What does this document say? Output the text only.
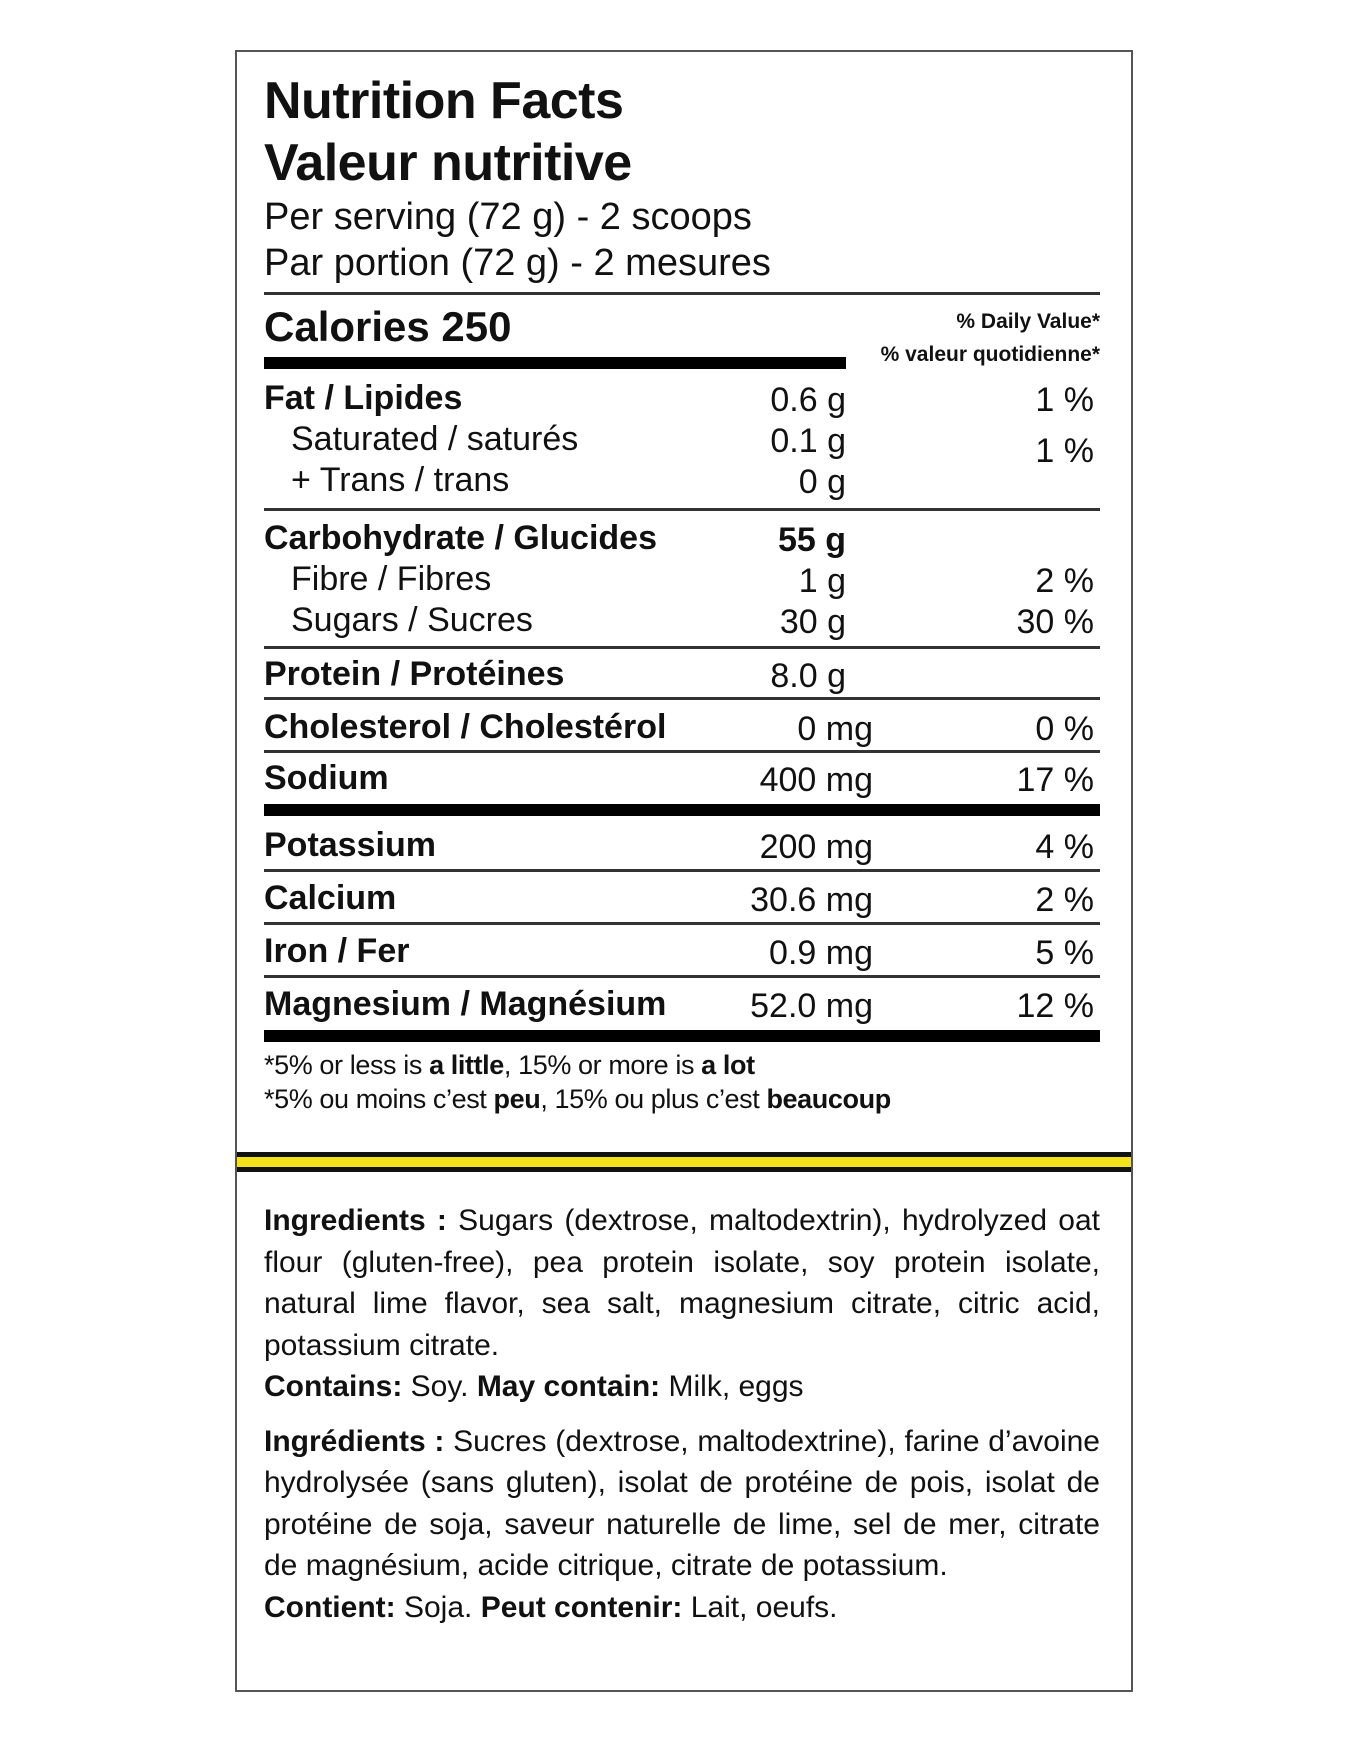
Nutrition Facts
Valeur nutritive
Per serving (72 g) - 2 scoops
Par portion (72 g) - 2 mesures
Calories 250	% Daily Value*
% valeur quotidienne*
Fat / Lipides	0.6 g	1 %
Saturated / saturés	0.1 g	1 %
+ Trans / trans	0 g
Carbohydrate / Glucides	55 g
Fibre / Fibres	1 g	2 %
Sugars / Sucres	30 g	30 %
Protein / Protéines	8.0 g
Cholesterol / Cholestérol	0 mg	0 %
Sodium	400 mg	17 %
Potassium	200 mg	4 %
Calcium	30.6 mg	2 %
Iron / Fer	0.9 mg	5 %
Magnesium / Magnésium 52.0 mg	12 %
*5% or less is a little, 15% or more is a lot
*5% ou moins c’est peu, 15% ou plus c’est beaucoup

Ingredients : Sugars (dextrose, maltodextrin), hydrolyzed oat flour (gluten-free), pea protein isolate, soy protein isolate, natural lime flavor, sea salt, magnesium citrate, citric acid, potassium citrate.

Contains: Soy. May contain: Milk, eggs

Ingrédients : Sucres (dextrose, maltodextrine), farine d’avoine hydrolysée (sans gluten), isolat de protéine de pois, isolat de protéine de soja, saveur naturelle de lime, sel de mer, citrate de magnésium, acide citrique, citrate de potassium.

Contient: Soja. Peut contenir: Lait, oeufs.
